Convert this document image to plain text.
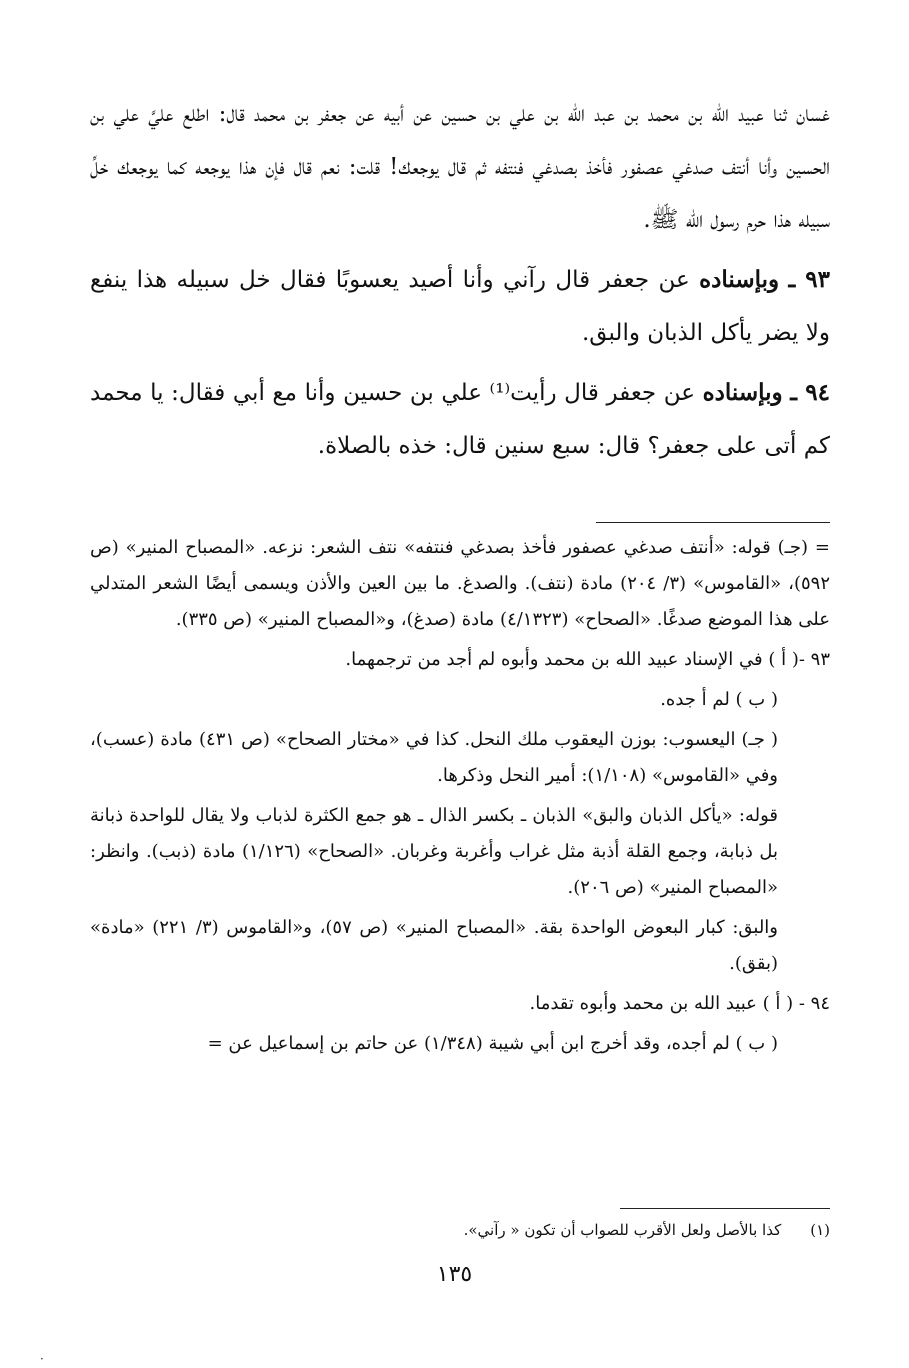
غسان ثنا عبيد الله بن محمد بن عبد الله بن علي بن حسين عن أبيه عن جعفر بن محمد قال: اطلع عليَّ علي بن الحسين وأنا أنتف صدغي عصفور فأخذ بصدغي فنتفه ثم قال يوجعك! قلت: نعم قال فإن هذا يوجعه كما يوجعك خلِّ سبيله هذا حرم رسول الله ﷺ.

٩٣ ـ وبإسناده عن جعفر قال رآني وأنا أصيد يعسوبًا فقال خل سبيله هذا ينفع ولا يضر يأكل الذبان والبق.

٩٤ ـ وبإسناده عن جعفر قال رأيت⁽¹⁾ علي بن حسين وأنا مع أبي فقال: يا محمد كم أتى على جعفر؟ قال: سبع سنين قال: خذه بالصلاة.

= (جـ) قوله: «أنتف صدغي عصفور فأخذ بصدغي فنتفه» نتف الشعر: نزعه. «المصباح المنير» (ص ٥٩٢)، «القاموس» (٣/ ٢٠٤) مادة (نتف). والصدغ. ما بين العين والأذن ويسمى أيضًا الشعر المتدلي على هذا الموضع صدغًا. «الصحاح» (٤/١٣٢٣) مادة (صدغ)، و«المصباح المنير» (ص ٣٣٥).

٩٣ -( أ ) في الإسناد عبيد الله بن محمد وأبوه لم أجد من ترجمهما.

( ب ) لم أ جده.

( جـ) اليعسوب: بوزن اليعقوب ملك النحل. كذا في «مختار الصحاح» (ص ٤٣١) مادة (عسب)، وفي «القاموس» (١/١٠٨): أمير النحل وذكرها.

قوله: «يأكل الذبان والبق» الذبان ـ بكسر الذال ـ هو جمع الكثرة لذباب ولا يقال للواحدة ذبانة بل ذبابة، وجمع القلة أذبة مثل غراب وأغربة وغربان. «الصحاح» (١/١٢٦) مادة (ذبب). وانظر: «المصباح المنير» (ص ٢٠٦).

والبق: كبار البعوض الواحدة بقة. «المصباح المنير» (ص ٥٧)، و«القاموس (٣/ ٢٢١) «مادة» (بقق).

٩٤ - ( أ ) عبيد الله بن محمد وأبوه تقدما.

( ب ) لم أجده، وقد أخرج ابن أبي شيبة (١/٣٤٨) عن حاتم بن إسماعيل عن =

(١) كذا بالأصل ولعل الأقرب للصواب أن تكون « رآني».
١٣٥
·
